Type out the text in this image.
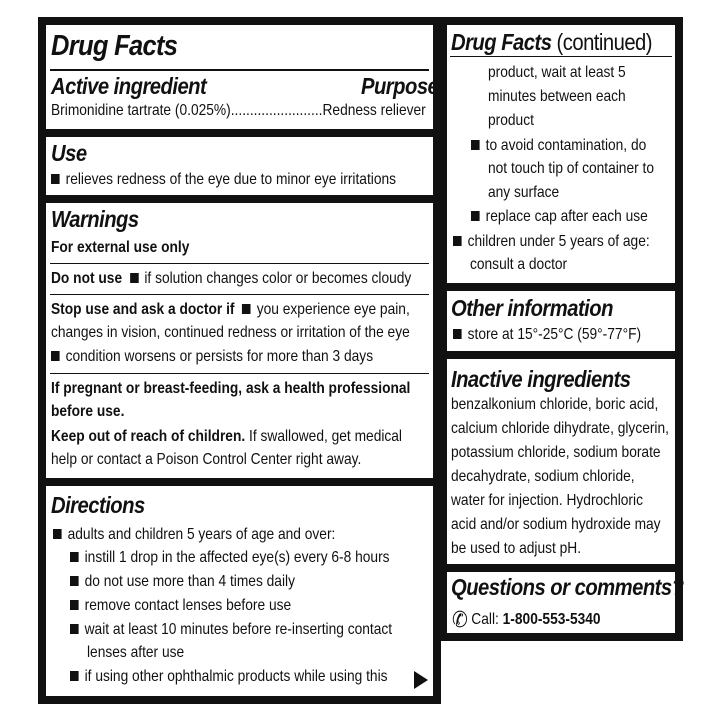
Drug Facts
Active ingredient	Purpose
Brimonidine tartrate (0.025%)........................Redness reliever
Use
relieves redness of the eye due to minor eye irritations
Warnings
For external use only
Do not use if solution changes color or becomes cloudy
Stop use and ask a doctor if you experience eye pain,
changes in vision, continued redness or irritation of the eye
condition worsens or persists for more than 3 days
If pregnant or breast-feeding, ask a health professional
before use.
Keep out of reach of children. If swallowed, get medical
help or contact a Poison Control Center right away.
Directions
adults and children 5 years of age and over:
instill 1 drop in the affected eye(s) every 6-8 hours
do not use more than 4 times daily
remove contact lenses before use
wait at least 10 minutes before re-inserting contact
lenses after use
if using other ophthalmic products while using this
Drug Facts (continued)
product, wait at least 5
minutes between each
product
to avoid contamination, do
not touch tip of container to
any surface
replace cap after each use
children under 5 years of age:
consult a doctor
Other information
store at 15°-25°C (59°-77°F)
Inactive ingredients
benzalkonium chloride, boric acid,
calcium chloride dihydrate, glycerin,
potassium chloride, sodium borate
decahydrate, sodium chloride,
water for injection. Hydrochloric
acid and/or sodium hydroxide may
be used to adjust pH.
Questions or comments?
✆ Call: 1-800-553-5340
